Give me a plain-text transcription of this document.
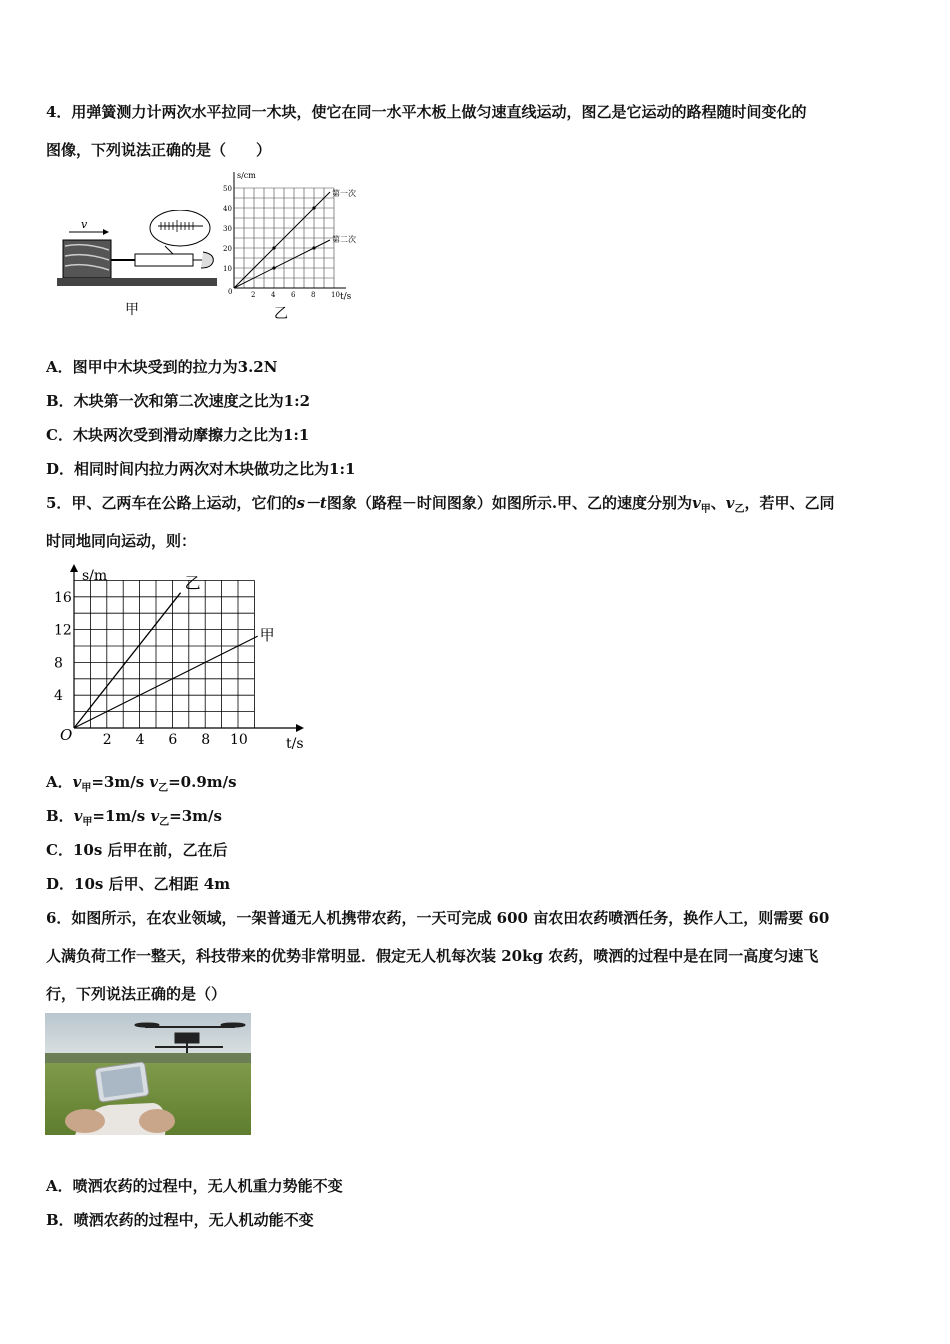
4．用弹簧测力计两次水平拉同一木块，使它在同一水平木板上做匀速直线运动，图乙是它运动的路程随时间变化的
图像，下列说法正确的是（　　）
v
甲
s/cm
t/s
0
50
40
30
20
10
2 4 6 8 10
第一次
第二次
乙
A．图甲中木块受到的拉力为3.2N
B．木块第一次和第二次速度之比为1:2
C．木块两次受到滑动摩擦力之比为1:1
D．相同时间内拉力两次对木块做功之比为1:1
5．甲、乙两车在公路上运动，它们的s－t图象（路程－时间图象）如图所示.甲、乙的速度分别为$v_甲$、$v_乙$，若甲、乙同
时同地同向运动，则：
s/m
t/s
O
4
8
12
16
2 4 6 8 10
乙
甲
A．$v_甲=3m/s$ $v_乙=0.9m/s$
B．$v_甲=1m/s$ $v_乙=3m/s$
C．10s 后甲在前，乙在后
D．10s 后甲、乙相距 4m
6．如图所示，在农业领域，一架普通无人机携带农药，一天可完成 600 亩农田农药喷洒任务，换作人工，则需要 60
人满负荷工作一整天，科技带来的优势非常明显．假定无人机每次装 20kg 农药，喷洒的过程中是在同一高度匀速飞
行，下列说法正确的是（）
A．喷洒农药的过程中，无人机重力势能不变
B．喷洒农药的过程中，无人机动能不变
